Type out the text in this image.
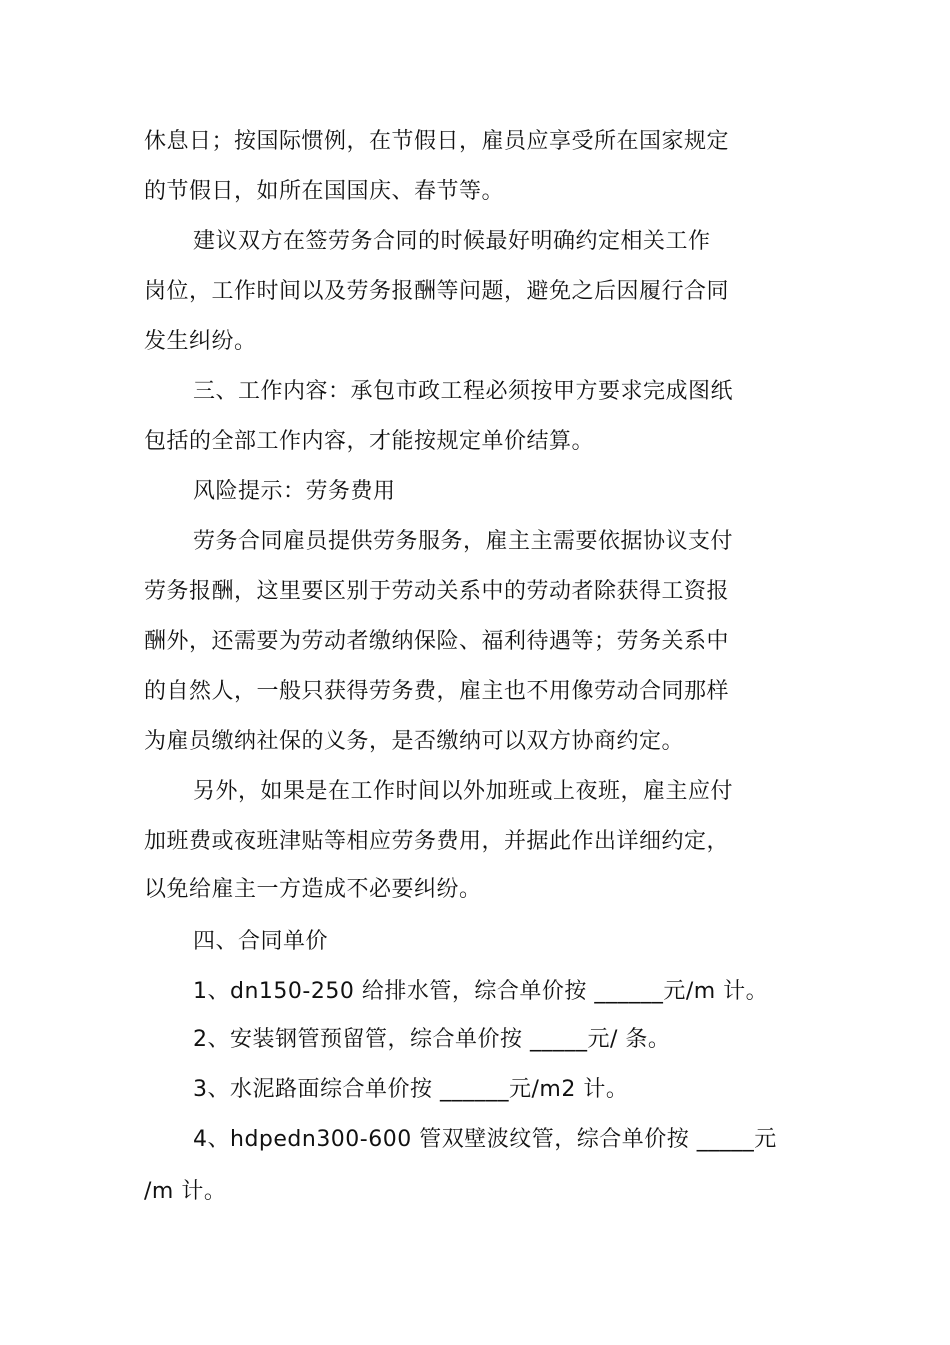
休息日；按国际惯例，在节假日，雇员应享受所在国家规定
的节假日，如所在国国庆、春节等。
建议双方在签劳务合同的时候最好明确约定相关工作
岗位，工作时间以及劳务报酬等问题，避免之后因履行合同
发生纠纷。
三、工作内容：承包市政工程必须按甲方要求完成图纸
包括的全部工作内容，才能按规定单价结算。
风险提示：劳务费用
劳务合同雇员提供劳务服务，雇主主需要依据协议支付
劳务报酬，这里要区别于劳动关系中的劳动者除获得工资报
酬外，还需要为劳动者缴纳保险、福利待遇等；劳务关系中
的自然人，一般只获得劳务费，雇主也不用像劳动合同那样
为雇员缴纳社保的义务，是否缴纳可以双方协商约定。
另外，如果是在工作时间以外加班或上夜班，雇主应付
加班费或夜班津贴等相应劳务费用，并据此作出详细约定，
以免给雇主一方造成不必要纠纷。
四、合同单价
1、dn150-250 给排水管，综合单价按 ______元/m 计。
2、安装钢管预留管，综合单价按 _____元/ 条。
3、水泥路面综合单价按 ______元/m2 计。
4、hdpedn300-600 管双壁波纹管，综合单价按 _____元
/m 计。
